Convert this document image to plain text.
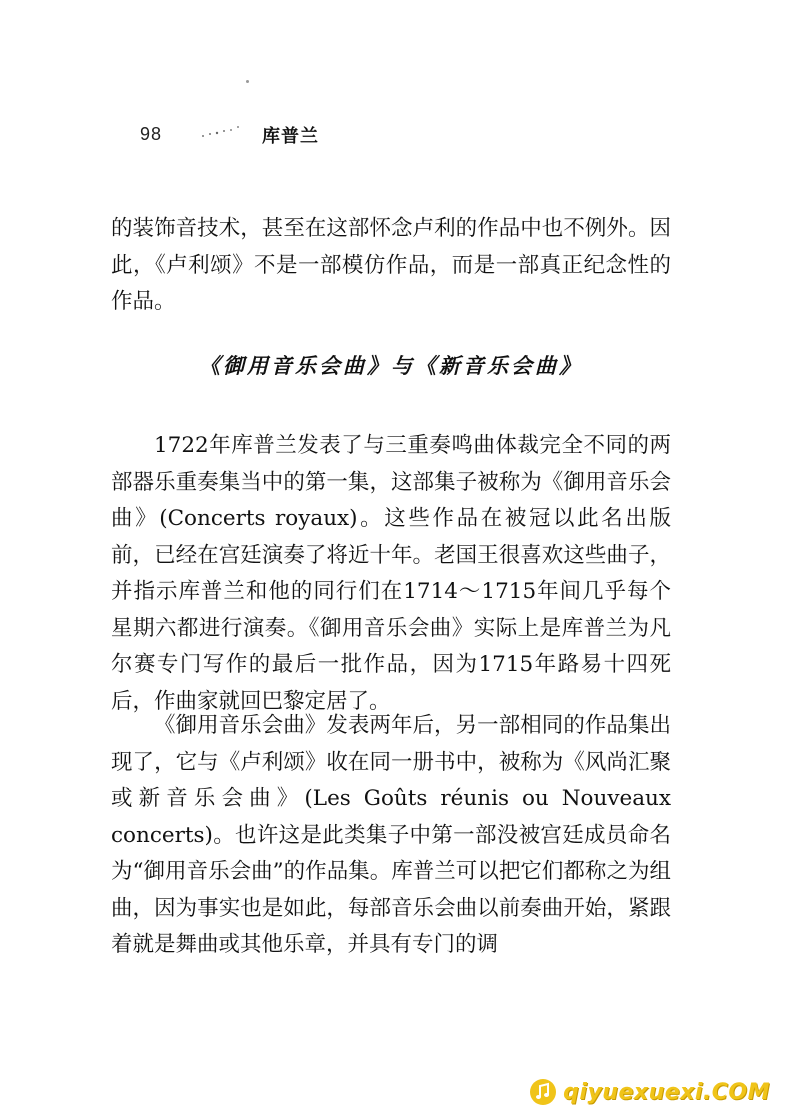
98	库普兰

的装饰音技术，甚至在这部怀念卢利的作品中也不例外。因此，《卢利颂》不是一部模仿作品，而是一部真正纪念性的作品。

《御用音乐会曲》与《新音乐会曲》

1722年库普兰发表了与三重奏鸣曲体裁完全不同的两部器乐重奏集当中的第一集，这部集子被称为《御用音乐会曲》(Concerts royaux)。这些作品在被冠以此名出版前，已经在宫廷演奏了将近十年。老国王很喜欢这些曲子，并指示库普兰和他的同行们在1714～1715年间几乎每个星期六都进行演奏。《御用音乐会曲》实际上是库普兰为凡尔赛专门写作的最后一批作品，因为1715年路易十四死后，作曲家就回巴黎定居了。

《御用音乐会曲》发表两年后，另一部相同的作品集出现了，它与《卢利颂》收在同一册书中，被称为《风尚汇聚或新音乐会曲》(Les Goûts réunis ou Nouveaux concerts)。也许这是此类集子中第一部没被宫廷成员命名为“御用音乐会曲”的作品集。库普兰可以把它们都称之为组曲，因为事实也是如此，每部音乐会曲以前奏曲开始，紧跟着就是舞曲或其他乐章，并具有专门的调

qiyuexuexi.COM
